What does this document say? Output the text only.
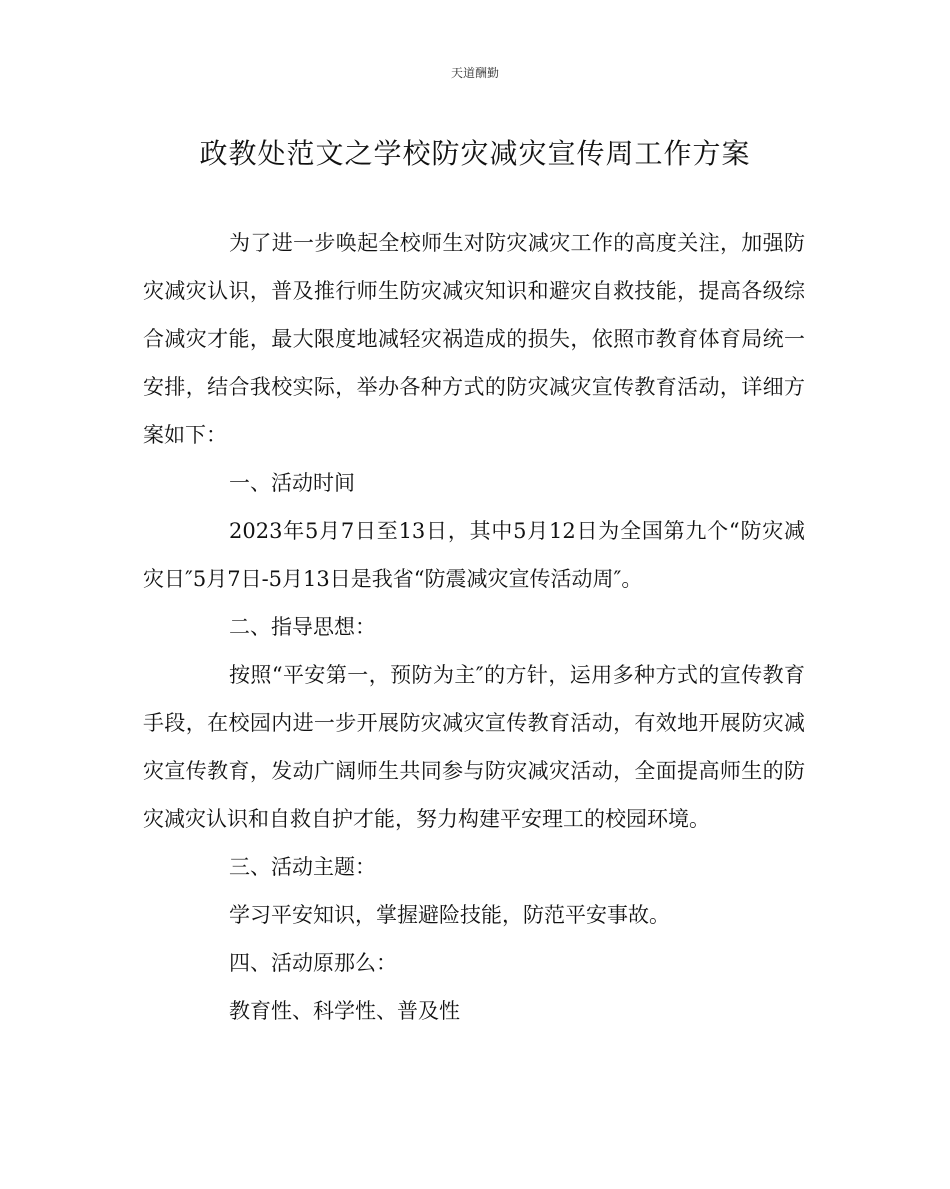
天道酬勤
政教处范文之学校防灾减灾宣传周工作方案

为了进一步唤起全校师生对防灾减灾工作的高度关注，加强防灾减灾认识，普及推行师生防灾减灾知识和避灾自救技能，提高各级综合减灾才能，最大限度地减轻灾祸造成的损失，依照市教育体育局统一安排，结合我校实际，举办各种方式的防灾减灾宣传教育活动，详细方案如下：

一、活动时间

2023年5月7日至13日，其中5月12日为全国第九个“防灾减灾日″5月7日-5月13日是我省“防震减灾宣传活动周″。

二、指导思想：

按照“平安第一，预防为主″的方针，运用多种方式的宣传教育手段，在校园内进一步开展防灾减灾宣传教育活动，有效地开展防灾减灾宣传教育，发动广阔师生共同参与防灾减灾活动，全面提高师生的防灾减灾认识和自救自护才能，努力构建平安理工的校园环境。

三、活动主题：

学习平安知识，掌握避险技能，防范平安事故。

四、活动原那么：

教育性、科学性、普及性
